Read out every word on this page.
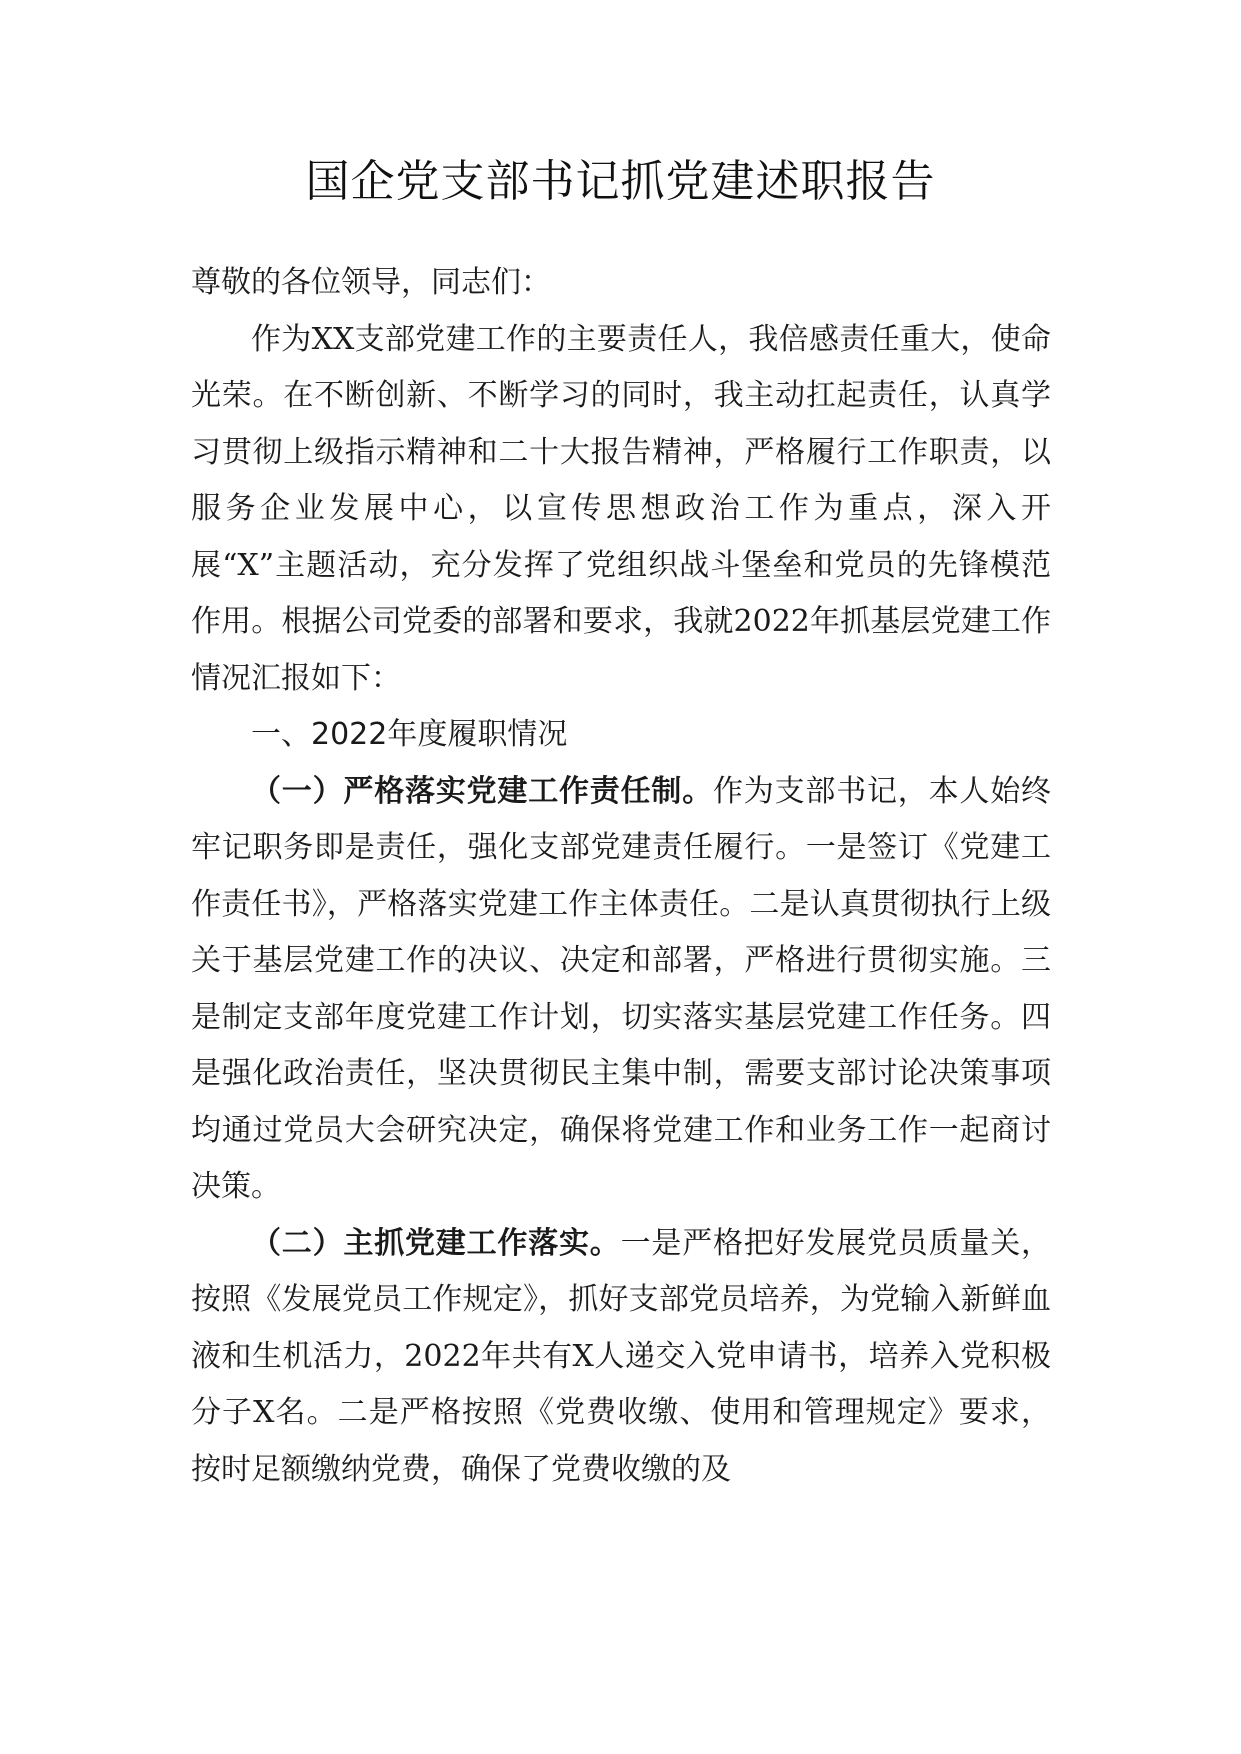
国企党支部书记抓党建述职报告

尊敬的各位领导，同志们：

作为XX支部党建工作的主要责任人，我倍感责任重大，使命光荣。在不断创新、不断学习的同时，我主动扛起责任，认真学习贯彻上级指示精神和二十大报告精神，严格履行工作职责，以服务企业发展中心，以宣传思想政治工作为重点，深入开展“X”主题活动，充分发挥了党组织战斗堡垒和党员的先锋模范作用。根据公司党委的部署和要求，我就2022年抓基层党建工作情况汇报如下：

一、2022年度履职情况

（一）严格落实党建工作责任制。作为支部书记，本人始终牢记职务即是责任，强化支部党建责任履行。一是签订《党建工作责任书》，严格落实党建工作主体责任。二是认真贯彻执行上级关于基层党建工作的决议、决定和部署，严格进行贯彻实施。三是制定支部年度党建工作计划，切实落实基层党建工作任务。四是强化政治责任，坚决贯彻民主集中制，需要支部讨论决策事项均通过党员大会研究决定，确保将党建工作和业务工作一起商讨决策。

（二）主抓党建工作落实。一是严格把好发展党员质量关，按照《发展党员工作规定》，抓好支部党员培养，为党输入新鲜血液和生机活力，2022年共有X人递交入党申请书，培养入党积极分子X名。二是严格按照《党费收缴、使用和管理规定》要求，按时足额缴纳党费，确保了党费收缴的及
